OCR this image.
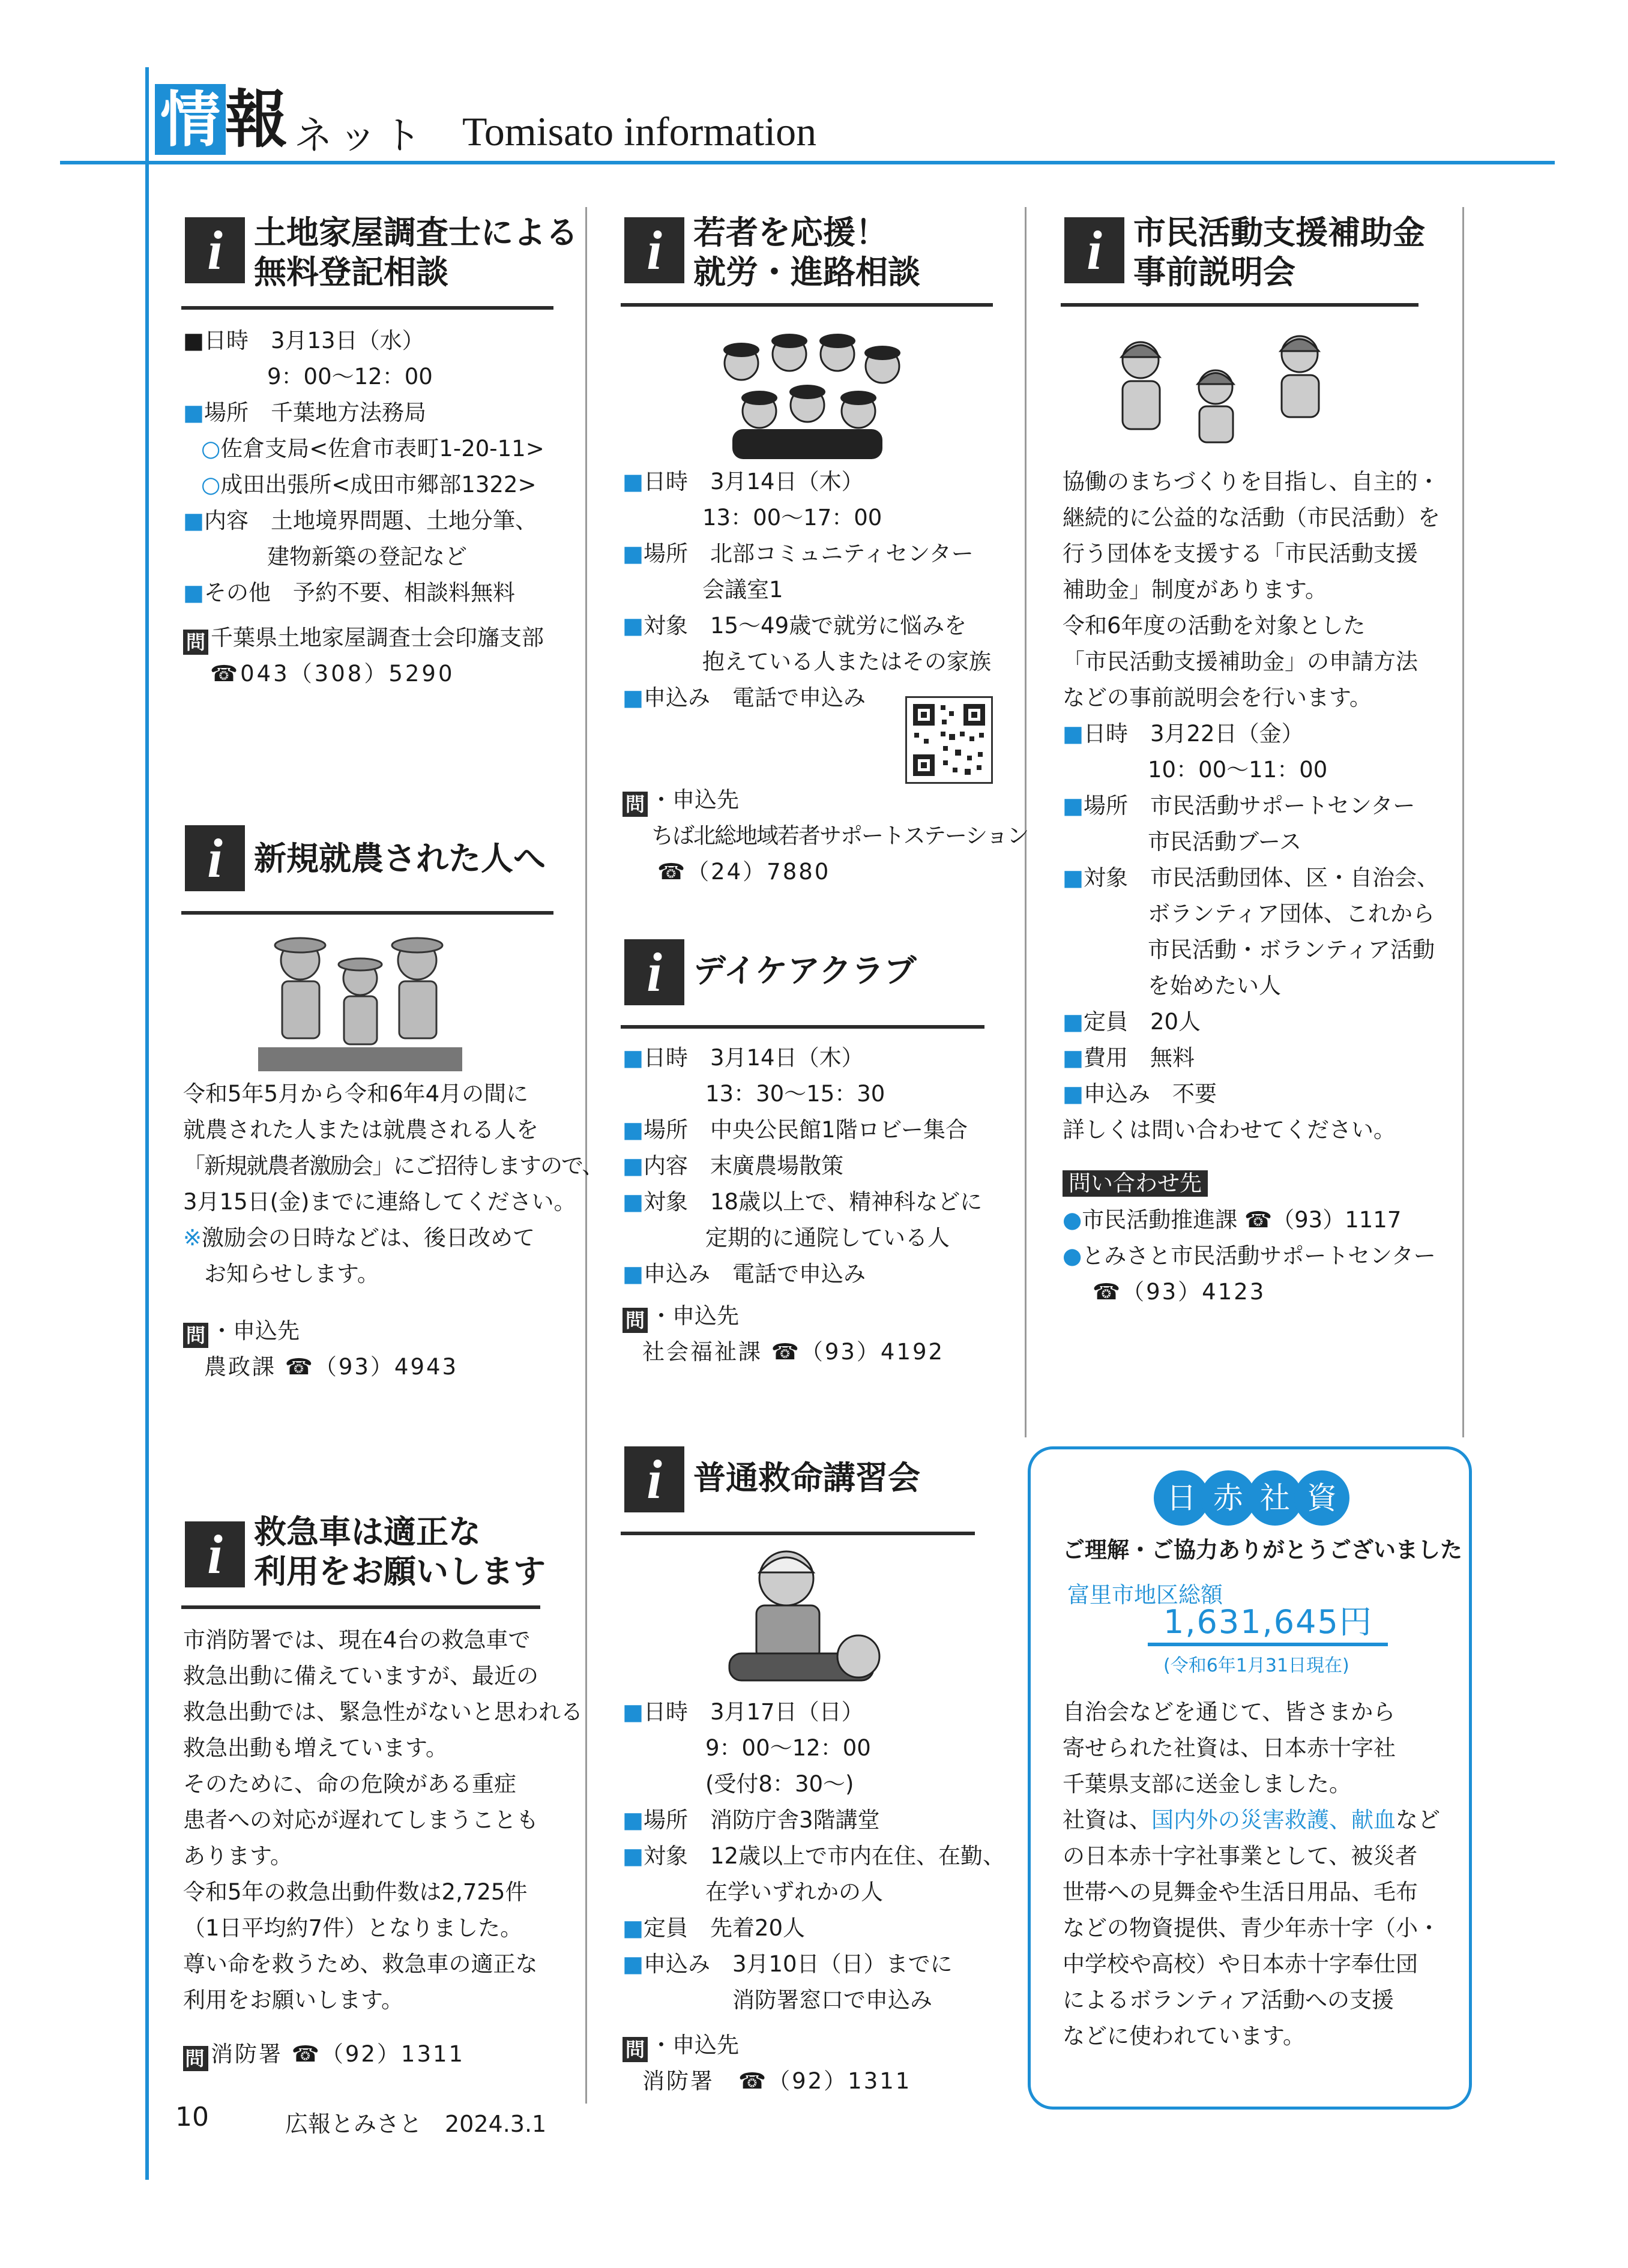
情 報 ネット Tomisato information
i 土地家屋調査士による
無料登記相談
■日時　3月13日（水）
9：00～12：00
■場所　千葉地方法務局
○佐倉支局<佐倉市表町1-20-11>
○成田出張所<成田市郷部1322>
■内容　土地境界問題、土地分筆、
建物新築の登記など
■その他　予約不要、相談料無料
問 千葉県土地家屋調査士会印旛支部
☎043（308）5290
i 新規就農された人へ
令和5年5月から令和6年4月の間に
就農された人または就農される人を
「新規就農者激励会」にご招待しますので、
3月15日(金)までに連絡してください。
※激励会の日時などは、後日改めて
お知らせします。
問 ・申込先
農政課 ☎（93）4943
i 救急車は適正な
利用をお願いします
市消防署では、現在4台の救急車で
救急出動に備えていますが、最近の
救急出動では、緊急性がないと思われる
救急出動も増えています。
そのために、命の危険がある重症
患者への対応が遅れてしまうことも
あります。
令和5年の救急出動件数は2,725件
（1日平均約7件）となりました。
尊い命を救うため、救急車の適正な
利用をお願いします。
問 消防署 ☎（92）1311
i 若者を応援！
就労・進路相談
■日時　3月14日（木）
13：00～17：00
■場所　北部コミュニティセンター
会議室1
■対象　15～49歳で就労に悩みを
抱えている人またはその家族
■申込み　電話で申込み
問 ・申込先
ちば北総地域若者サポートステーション
☎（24）7880
i デイケアクラブ
■日時　3月14日（木）
13：30～15：30
■場所　中央公民館1階ロビー集合
■内容　末廣農場散策
■対象　18歳以上で、精神科などに
定期的に通院している人
■申込み　電話で申込み
問 ・申込先
社会福祉課 ☎（93）4192
i 普通救命講習会
■日時　3月17日（日）
9：00～12：00
(受付8：30～)
■場所　消防庁舎3階講堂
■対象　12歳以上で市内在住、在勤、
在学いずれかの人
■定員　先着20人
■申込み　3月10日（日）までに
消防署窓口で申込み
問 ・申込先
消防署　☎（92）1311
i 市民活動支援補助金
事前説明会
協働のまちづくりを目指し、自主的・
継続的に公益的な活動（市民活動）を
行う団体を支援する「市民活動支援
補助金」制度があります。
令和6年度の活動を対象とした
「市民活動支援補助金」の申請方法
などの事前説明会を行います。
■日時　3月22日（金）
10：00～11：00
■場所　市民活動サポートセンター
市民活動ブース
■対象　市民活動団体、区・自治会、
ボランティア団体、これから
市民活動・ボランティア活動
を始めたい人
■定員　20人
■費用　無料
■申込み　不要
詳しくは問い合わせてください。
問い合わせ先
●市民活動推進課 ☎（93）1117
●とみさと市民活動サポートセンター
☎（93）4123
日 赤 社 資
ご理解・ご協力ありがとうございました
富里市地区総額
1,631,645円
(令和6年1月31日現在)
自治会などを通じて、皆さまから
寄せられた社資は、日本赤十字社
千葉県支部に送金しました。
社資は、国内外の災害救護、献血など
の日本赤十字社事業として、被災者
世帯への見舞金や生活日用品、毛布
などの物資提供、青少年赤十字（小・
中学校や高校）や日本赤十字奉仕団
によるボランティア活動への支援
などに使われています。
10	広報とみさと　2024.3.1
